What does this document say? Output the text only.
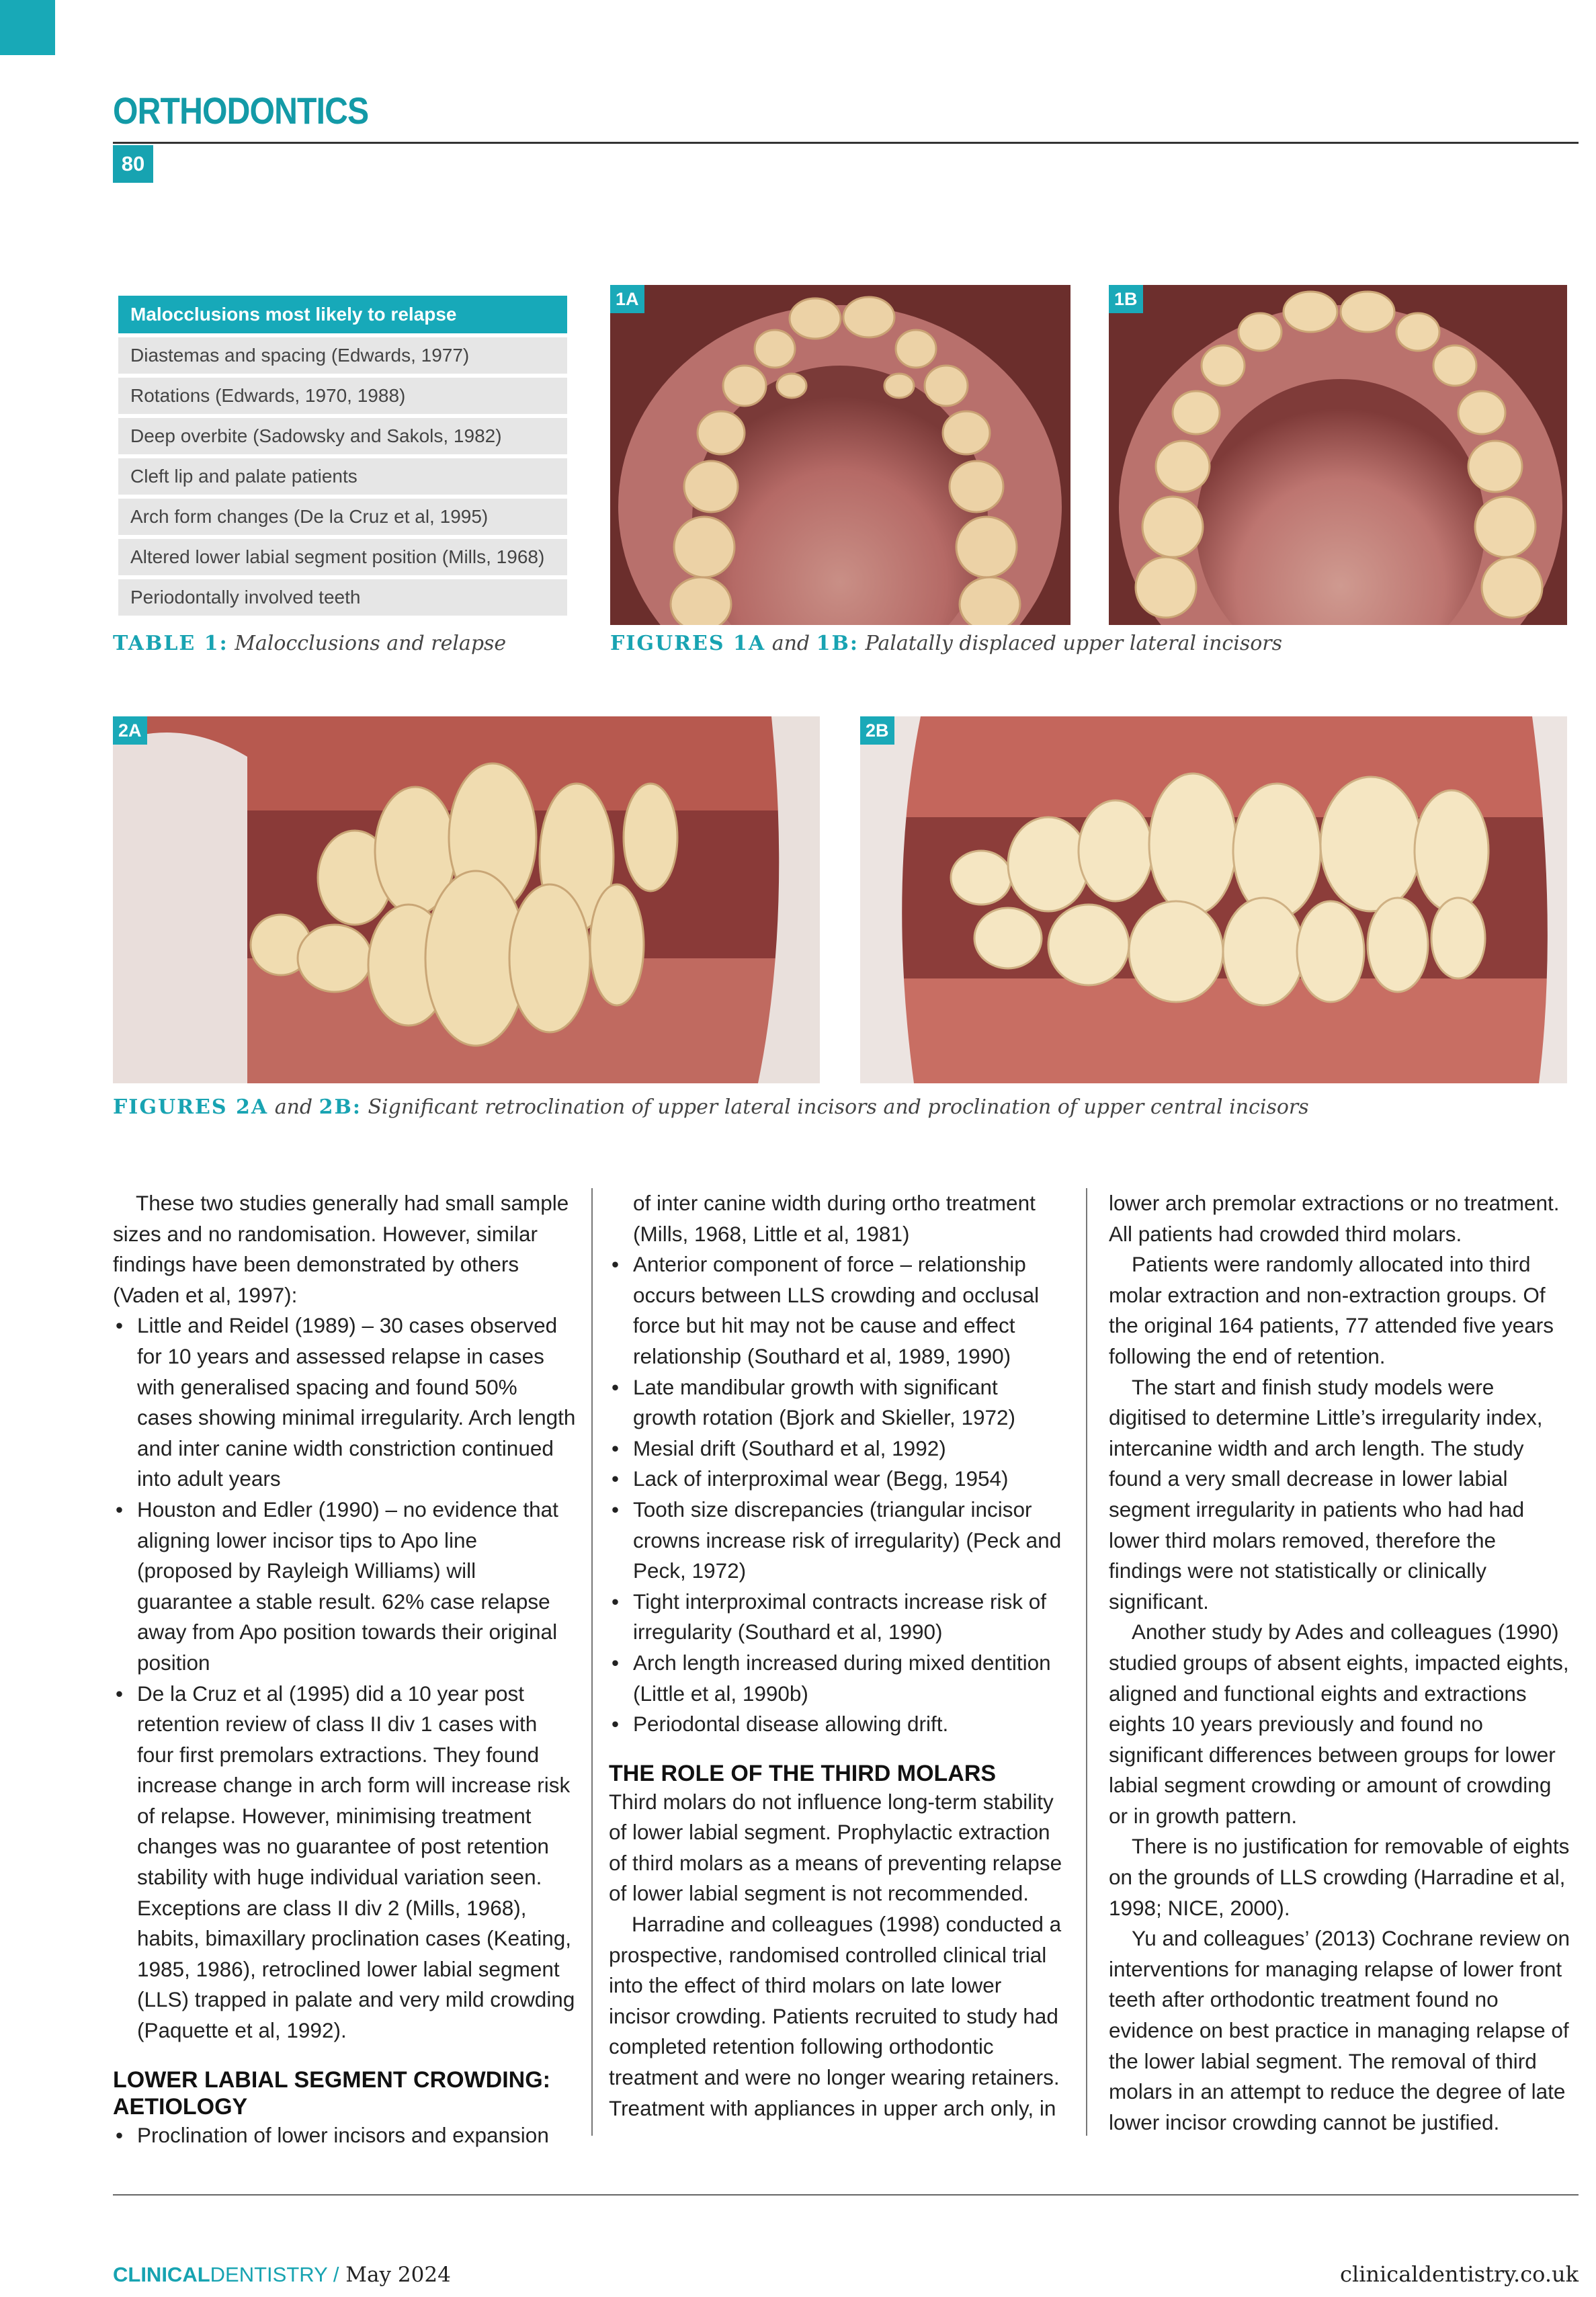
ORTHODONTICS
80
Malocclusions most likely to relapse
Diastemas and spacing (Edwards, 1977)
Rotations (Edwards, 1970, 1988)
Deep overbite (Sadowsky and Sakols, 1982)
Cleft lip and palate patients
Arch form changes (De la Cruz et al, 1995)
Altered lower labial segment position (Mills, 1968)
Periodontally involved teeth
TABLE 1: Malocclusions and relapse
1A	1B
FIGURES 1A and 1B: Palatally displaced upper lateral incisors
2A	2B
FIGURES 2A and 2B: Significant retroclination of upper lateral incisors and proclination of upper central incisors

These two studies generally had small sample sizes and no randomisation. However, similar findings have been demonstrated by others (Vaden et al, 1997):

• Little and Reidel (1989) – 30 cases observed for 10 years and assessed relapse in cases with generalised spacing and found 50% cases showing minimal irregularity. Arch length and inter canine width constriction continued into adult years
• Houston and Edler (1990) – no evidence that aligning lower incisor tips to Apo line (proposed by Rayleigh Williams) will guarantee a stable result. 62% case relapse away from Apo position towards their original position
• De la Cruz et al (1995) did a 10 year post retention review of class II div 1 cases with four first premolars extractions. They found increase change in arch form will increase risk of relapse. However, minimising treatment changes was no guarantee of post retention stability with huge individual variation seen. Exceptions are class II div 2 (Mills, 1968), habits, bimaxillary proclination cases (Keating, 1985, 1986), retroclined lower labial segment (LLS) trapped in palate and very mild crowding (Paquette et al, 1992).
LOWER LABIAL SEGMENT CROWDING: AETIOLOGY
• Proclination of lower incisors and expansion

of inter canine width during ortho treatment (Mills, 1968, Little et al, 1981)

• Anterior component of force – relationship occurs between LLS crowding and occlusal force but hit may not be cause and effect relationship (Southard et al, 1989, 1990)
• Late mandibular growth with significant growth rotation (Bjork and Skieller, 1972)
• Mesial drift (Southard et al, 1992)
• Lack of interproximal wear (Begg, 1954)
• Tooth size discrepancies (triangular incisor crowns increase risk of irregularity) (Peck and Peck, 1972)
• Tight interproximal contracts increase risk of irregularity (Southard et al, 1990)
• Arch length increased during mixed dentition (Little et al, 1990b)
• Periodontal disease allowing drift.
THE ROLE OF THE THIRD MOLARS

Third molars do not influence long-term stability of lower labial segment. Prophylactic extraction of third molars as a means of preventing relapse of lower labial segment is not recommended.

Harradine and colleagues (1998) conducted a prospective, randomised controlled clinical trial into the effect of third molars on late lower incisor crowding. Patients recruited to study had completed retention following orthodontic treatment and were no longer wearing retainers. Treatment with appliances in upper arch only, in

lower arch premolar extractions or no treatment. All patients had crowded third molars.

Patients were randomly allocated into third molar extraction and non-extraction groups. Of the original 164 patients, 77 attended five years following the end of retention.

The start and finish study models were digitised to determine Little’s irregularity index, intercanine width and arch length. The study found a very small decrease in lower labial segment irregularity in patients who had had lower third molars removed, therefore the findings were not statistically or clinically significant.

Another study by Ades and colleagues (1990) studied groups of absent eights, impacted eights, aligned and functional eights and extractions eights 10 years previously and found no significant differences between groups for lower labial segment crowding or amount of crowding or in growth pattern.

There is no justification for removable of eights on the grounds of LLS crowding (Harradine et al, 1998; NICE, 2000).

Yu and colleagues’ (2013) Cochrane review on interventions for managing relapse of lower front teeth after orthodontic treatment found no evidence on best practice in managing relapse of the lower labial segment. The removal of third molars in an attempt to reduce the degree of late lower incisor crowding cannot be justified.

CLINICALDENTISTRY / May 2024	clinicaldentistry.co.uk
